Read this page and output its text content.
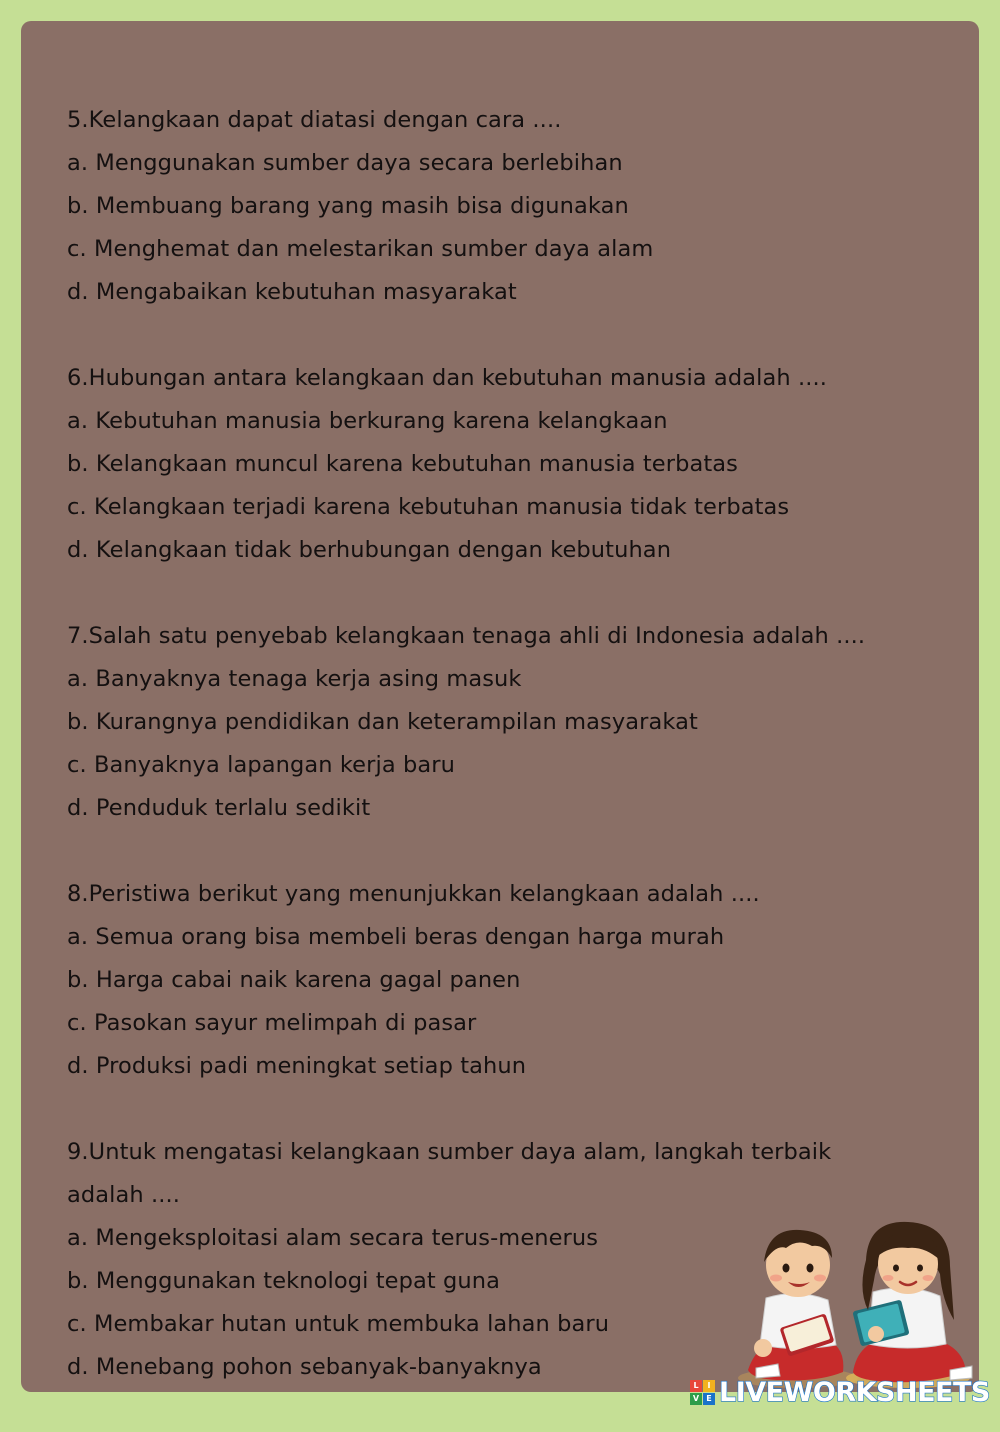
5.Kelangkaan dapat diatasi dengan cara ....
a. Menggunakan sumber daya secara berlebihan
b. Membuang barang yang masih bisa digunakan
c. Menghemat dan melestarikan sumber daya alam
d. Mengabaikan kebutuhan masyarakat
6.Hubungan antara kelangkaan dan kebutuhan manusia adalah ....
a. Kebutuhan manusia berkurang karena kelangkaan
b. Kelangkaan muncul karena kebutuhan manusia terbatas
c. Kelangkaan terjadi karena kebutuhan manusia tidak terbatas
d. Kelangkaan tidak berhubungan dengan kebutuhan
7.Salah satu penyebab kelangkaan tenaga ahli di Indonesia adalah ....
a. Banyaknya tenaga kerja asing masuk
b. Kurangnya pendidikan dan keterampilan masyarakat
c. Banyaknya lapangan kerja baru
d. Penduduk terlalu sedikit
8.Peristiwa berikut yang menunjukkan kelangkaan adalah ....
a. Semua orang bisa membeli beras dengan harga murah
b. Harga cabai naik karena gagal panen
c. Pasokan sayur melimpah di pasar
d. Produksi padi meningkat setiap tahun
9.Untuk mengatasi kelangkaan sumber daya alam, langkah terbaik adalah ....
a. Mengeksploitasi alam secara terus-menerus
b. Menggunakan teknologi tepat guna
c. Membakar hutan untuk membuka lahan baru
d. Menebang pohon sebanyak-banyaknya
L	I
V E LIVEWORKSHEETS
